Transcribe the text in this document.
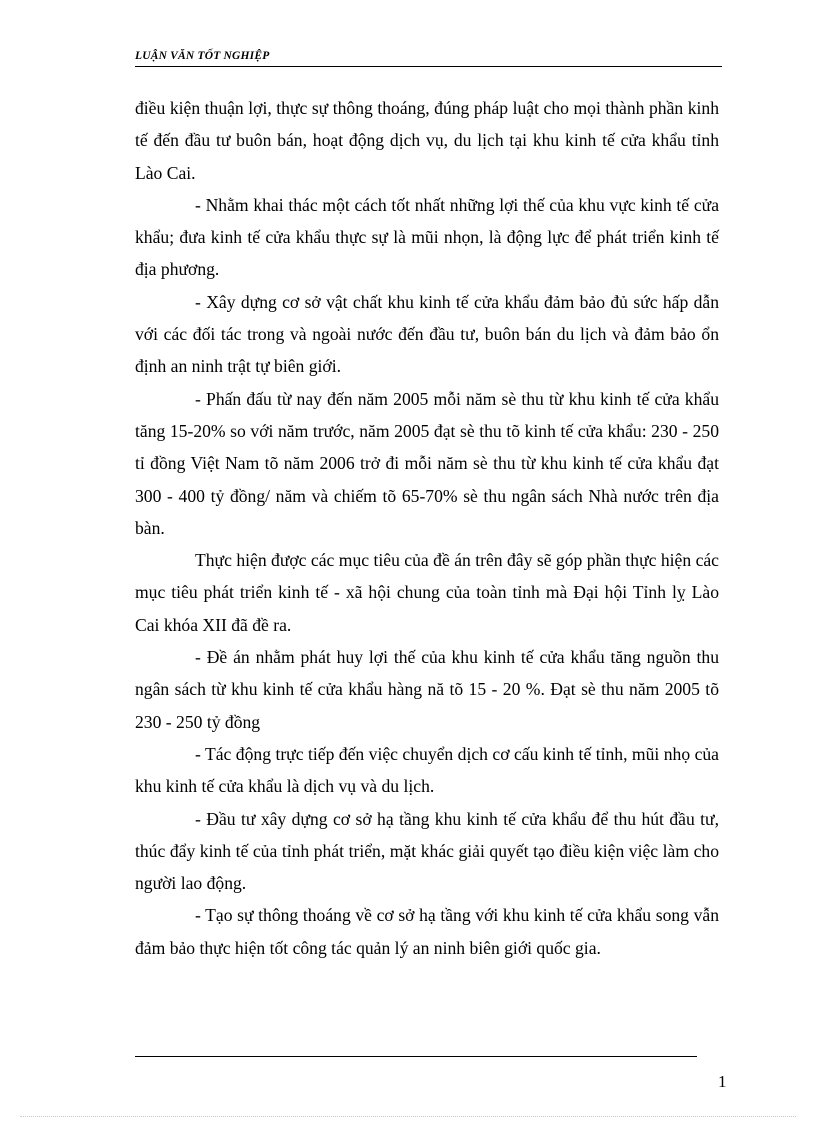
LUẬN VĂN TỐT NGHIỆP

điều kiện thuận lợi, thực sự thông thoáng, đúng pháp luật cho mọi thành phần kinh tế đến đầu tư buôn bán, hoạt động dịch vụ, du lịch tại khu kinh tế cửa khẩu tỉnh Lào Cai.

- Nhằm khai thác một cách tốt nhất những lợi thế của khu vực kinh tế cửa khẩu; đưa kinh tế cửa khẩu thực sự là mũi nhọn, là động lực để phát triển kinh tế địa phương.

- Xây dựng cơ sở vật chất khu kinh tế cửa khẩu đảm bảo đủ sức hấp dẫn với các đối tác trong và ngoài nước đến đầu tư, buôn bán du lịch và đảm bảo ổn định an ninh trật tự biên giới.

- Phấn đấu từ nay đến năm 2005 mỗi năm sè thu từ khu kinh tế cửa khẩu tăng 15-20% so với năm trước, năm 2005 đạt sè thu tõ kinh tế cửa khẩu: 230 - 250 tỉ đồng Việt Nam tõ năm 2006 trở đi mỗi năm sè thu từ khu kinh tế cửa khẩu đạt 300 - 400 tỷ đồng/ năm và chiếm tõ 65-70% sè thu ngân sách Nhà nước trên địa bàn.

Thực hiện được các mục tiêu của đề án trên đây sẽ góp phần thực hiện các mục tiêu phát triển kinh tế - xã hội chung của toàn tỉnh mà Đại hội Tỉnh lỵ Lào Cai khóa XII đã đề ra.

- Đề án nhằm phát huy lợi thế của khu kinh tế cửa khẩu tăng nguồn thu ngân sách từ khu kinh tế cửa khẩu hàng nă tõ 15 - 20 %. Đạt sè thu năm 2005 tõ 230 - 250 tỷ đồng

- Tác động trực tiếp đến việc chuyển dịch cơ cấu kinh tế tỉnh, mũi nhọ của khu kinh tế cửa khẩu là dịch vụ và du lịch.

- Đầu tư xây dựng cơ sở hạ tầng khu kinh tế cửa khẩu để thu hút đầu tư, thúc đẩy kinh tế của tỉnh phát triển, mặt khác giải quyết tạo điều kiện việc làm cho người lao động.

- Tạo sự thông thoáng về cơ sở hạ tầng với khu kinh tế cửa khẩu song vẫn đảm bảo thực hiện tốt công tác quản lý an ninh biên giới quốc gia.

1
